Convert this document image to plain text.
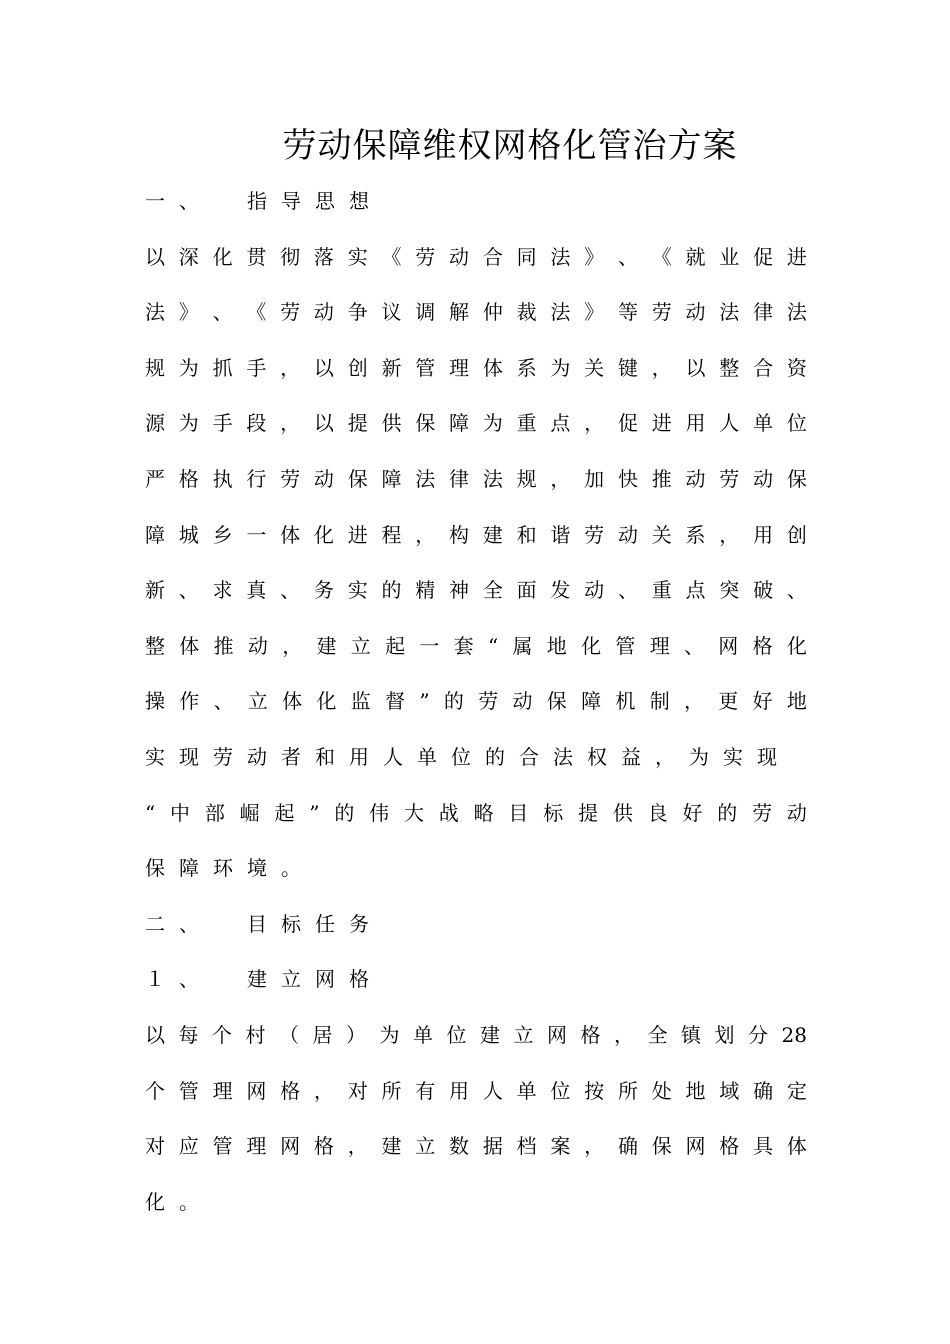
劳动保障维权网格化管治方案
一 、　 指 导 思 想
以 深 化 贯 彻 落 实 《 劳 动 合 同 法 》 、 《 就 业 促 进
法 》 、 《 劳 动 争 议 调 解 仲 裁 法 》 等 劳 动 法 律 法
规 为 抓 手 ， 以 创 新 管 理 体 系 为 关 键 ， 以 整 合 资
源 为 手 段 ， 以 提 供 保 障 为 重 点 ， 促 进 用 人 单 位
严 格 执 行 劳 动 保 障 法 律 法 规 ， 加 快 推 动 劳 动 保
障 城 乡 一 体 化 进 程 ， 构 建 和 谐 劳 动 关 系 ， 用 创
新 、 求 真 、 务 实 的 精 神 全 面 发 动 、 重 点 突 破 、
整 体 推 动 ， 建 立 起 一 套 “ 属 地 化 管 理 、 网 格 化
操 作 、 立 体 化 监 督 ” 的 劳 动 保 障 机 制 ， 更 好 地
实 现 劳 动 者 和 用 人 单 位 的 合 法 权 益 ， 为 实 现
“ 中 部 崛 起 ” 的 伟 大 战 略 目 标 提 供 良 好 的 劳 动
保 障 环 境 。
二 、　 目 标 任 务
１ 、　 建 立 网 格
以 每 个 村 （ 居 ） 为 单 位 建 立 网 格 ， 全 镇 划 分 28
个 管 理 网 格 ， 对 所 有 用 人 单 位 按 所 处 地 域 确 定
对 应 管 理 网 格 ， 建 立 数 据 档 案 ， 确 保 网 格 具 体
化 。
